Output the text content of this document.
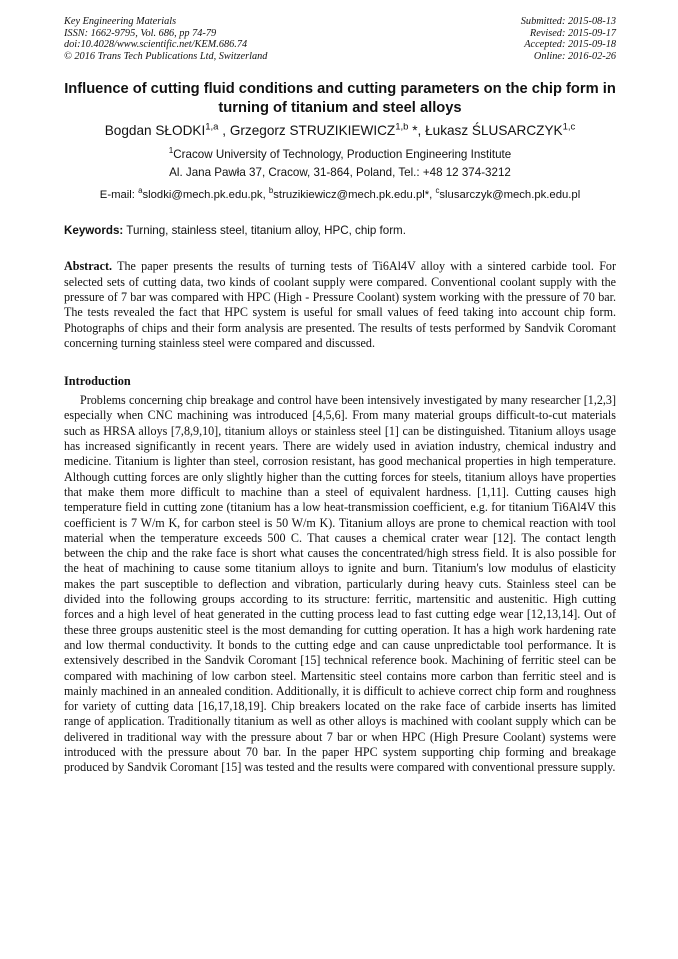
Key Engineering Materials
ISSN: 1662-9795, Vol. 686, pp 74-79
doi:10.4028/www.scientific.net/KEM.686.74
© 2016 Trans Tech Publications Ltd, Switzerland
Submitted: 2015-08-13
Revised: 2015-09-17
Accepted: 2015-09-18
Online: 2016-02-26
Influence of cutting fluid conditions and cutting parameters on the chip form in turning of titanium and steel alloys
Bogdan SŁODKI$^{1,a}$ , Grzegorz STRUZIKIEWICZ$^{1,b}$ *, Łukasz ŚLUSARCZYK$^{1,c}$
$^1$Cracow University of Technology, Production Engineering Institute
Al. Jana Pawła 37, Cracow, 31-864, Poland, Tel.: +48 12 374-3212
E-mail: $^a$slodki@mech.pk.edu.pk, $^b$struzikiewicz@mech.pk.edu.pl*, $^c$slusarczyk@mech.pk.edu.pl
Keywords: Turning, stainless steel, titanium alloy, HPC, chip form.
Abstract. The paper presents the results of turning tests of Ti6Al4V alloy with a sintered carbide tool. For selected sets of cutting data, two kinds of coolant supply were compared. Conventional coolant supply with the pressure of 7 bar was compared with HPC (High - Pressure Coolant) system working with the pressure of 70 bar. The tests revealed the fact that HPC system is useful for small values of feed taking into account chip form. Photographs of chips and their form analysis are presented. The results of tests performed by Sandvik Coromant concerning turning stainless steel were compared and discussed.
Introduction
Problems concerning chip breakage and control have been intensively investigated by many researcher [1,2,3] especially when CNC machining was introduced [4,5,6]. From many material groups difficult-to-cut materials such as HRSA alloys [7,8,9,10], titanium alloys or stainless steel [1] can be distinguished. Titanium alloys usage has increased significantly in recent years. There are widely used in aviation industry, chemical industry and medicine. Titanium is lighter than steel, corrosion resistant, has good mechanical properties in high temperature. Although cutting forces are only slightly higher than the cutting forces for steels, titanium alloys have properties that make them more difficult to machine than a steel of equivalent hardness. [1,11]. Cutting causes high temperature field in cutting zone (titanium has a low heat-transmission coefficient, e.g. for titanium Ti6Al4V this coefficient is 7 W/m K, for carbon steel is 50 W/m K). Titanium alloys are prone to chemical reaction with tool material when the temperature exceeds 500 C. That causes a chemical crater wear [12]. The contact length between the chip and the rake face is short what causes the concentrated/high stress field. It is also possible for the heat of machining to cause some titanium alloys to ignite and burn. Titanium's low modulus of elasticity makes the part susceptible to deflection and vibration, particularly during heavy cuts. Stainless steel can be divided into the following groups according to its structure: ferritic, martensitic and austenitic. High cutting forces and a high level of heat generated in the cutting process lead to fast cutting edge wear [12,13,14]. Out of these three groups austenitic steel is the most demanding for cutting operation. It has a high work hardening rate and low thermal conductivity. It bonds to the cutting edge and can cause unpredictable tool performance. It is extensively described in the Sandvik Coromant [15] technical reference book. Machining of ferritic steel can be compared with machining of low carbon steel. Martensitic steel contains more carbon than ferritic steel and is mainly machined in an annealed condition. Additionally, it is difficult to achieve correct chip form and roughness for variety of cutting data [16,17,18,19]. Chip breakers located on the rake face of carbide inserts has limited range of application. Traditionally titanium as well as other alloys is machined with coolant supply which can be delivered in traditional way with the pressure about 7 bar or when HPC (High Presure Coolant) systems were introduced with the pressure about 70 bar. In the paper HPC system supporting chip forming and breakage produced by Sandvik Coromant [15] was tested and the results were compared with conventional pressure supply.
